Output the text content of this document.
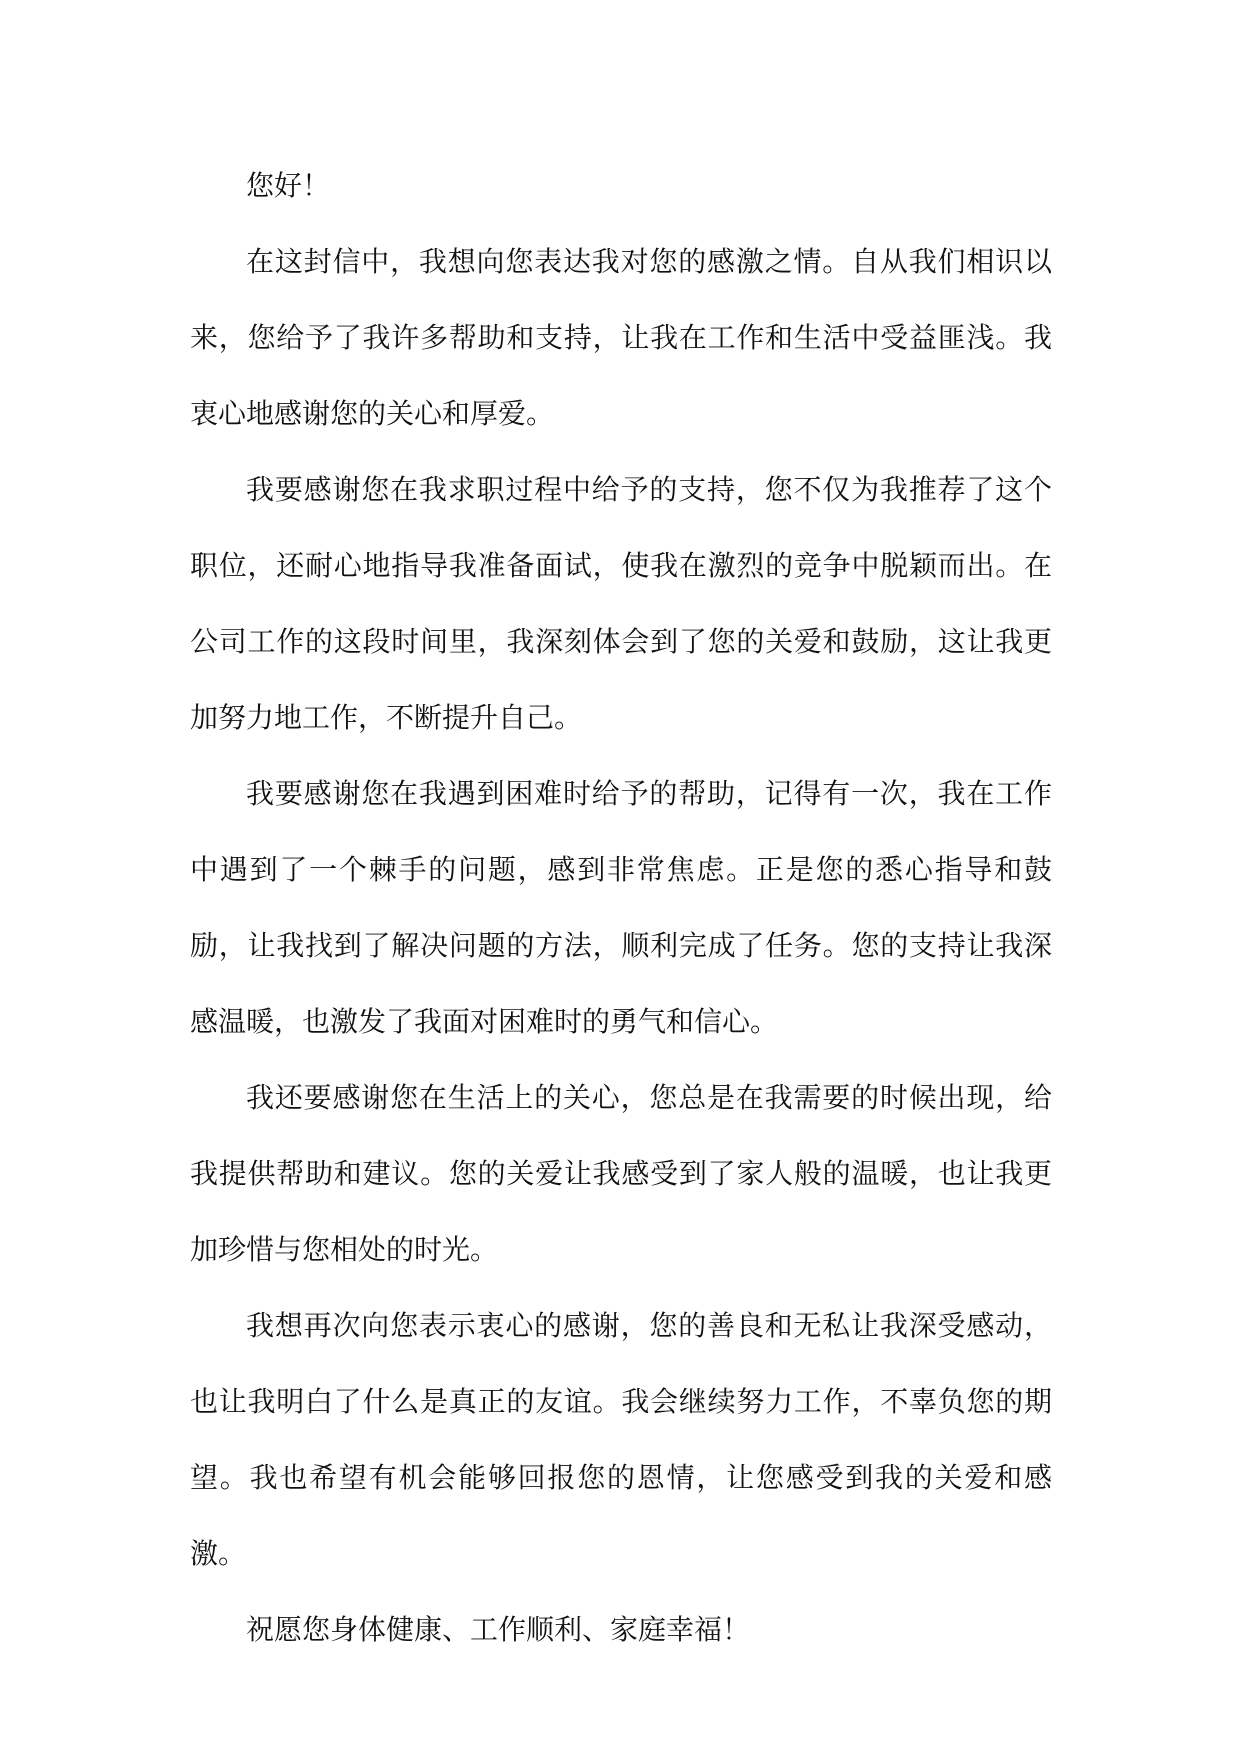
您好！

在这封信中，我想向您表达我对您的感激之情。自从我们相识以来，您给予了我许多帮助和支持，让我在工作和生活中受益匪浅。我衷心地感谢您的关心和厚爱。

我要感谢您在我求职过程中给予的支持，您不仅为我推荐了这个职位，还耐心地指导我准备面试，使我在激烈的竞争中脱颖而出。在公司工作的这段时间里，我深刻体会到了您的关爱和鼓励，这让我更加努力地工作，不断提升自己。

我要感谢您在我遇到困难时给予的帮助，记得有一次，我在工作中遇到了一个棘手的问题，感到非常焦虑。正是您的悉心指导和鼓励，让我找到了解决问题的方法，顺利完成了任务。您的支持让我深感温暖，也激发了我面对困难时的勇气和信心。

我还要感谢您在生活上的关心，您总是在我需要的时候出现，给我提供帮助和建议。您的关爱让我感受到了家人般的温暖，也让我更加珍惜与您相处的时光。

我想再次向您表示衷心的感谢，您的善良和无私让我深受感动，也让我明白了什么是真正的友谊。我会继续努力工作，不辜负您的期望。我也希望有机会能够回报您的恩情，让您感受到我的关爱和感激。

祝愿您身体健康、工作顺利、家庭幸福！
